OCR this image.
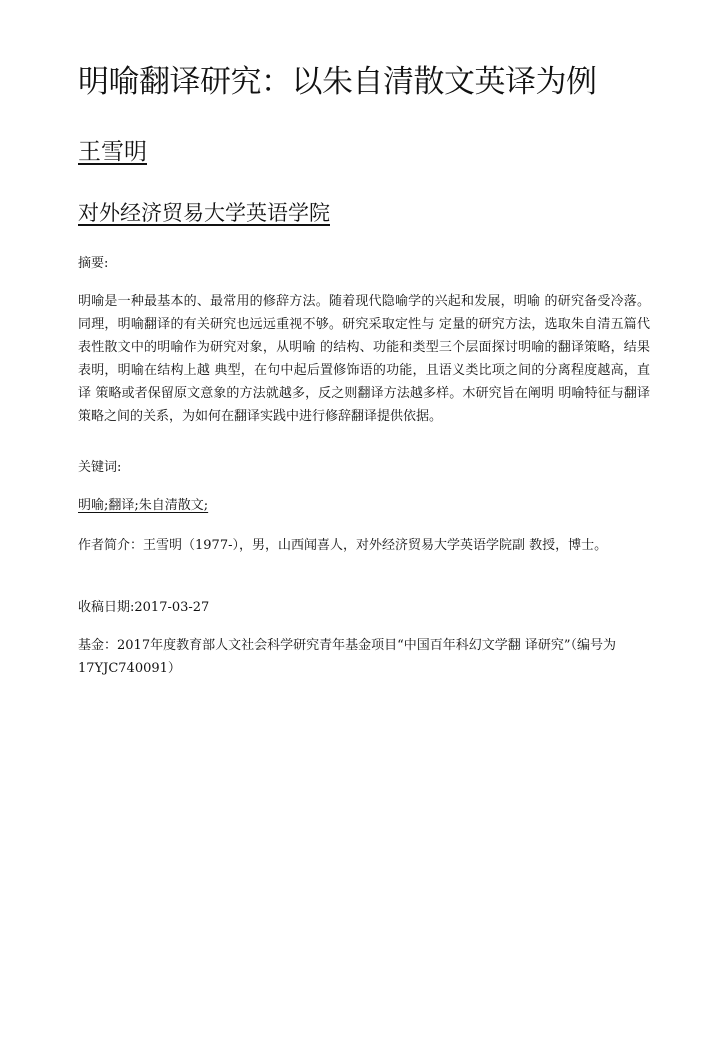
明喻翻译研究：以朱自清散文英译为例
王雪明
对外经济贸易大学英语学院
摘要:

明喻是一种最基本的、最常用的修辞方法。随着现代隐喻学的兴起和发展，明喻 的研究备受冷落。同理，明喻翻译的有关研究也远远重视不够。研究采取定性与 定量的研究方法，选取朱自清五篇代表性散文中的明喻作为研究对象，从明喻 的结构、功能和类型三个层面探讨明喻的翻译策略，结果表明，明喻在结构上越 典型，在句中起后置修饰语的功能，且语义类比项之间的分离程度越高，直译 策略或者保留原文意象的方法就越多，反之则翻译方法越多样。木研究旨在阐明 明喻特征与翻译策略之间的关系，为如何在翻译实践中进行修辞翻译提供依据。

关键词:
明喻;翻译;朱自清散文;

作者简介：王雪明（1977-），男，山西闻喜人，对外经济贸易大学英语学院副 教授，博士。

收稿日期:2017-03-27

基金：2017年度教育部人文社会科学研究青年基金项目“中国百年科幻文学翻 译研究”（编号为17YJC740091）
